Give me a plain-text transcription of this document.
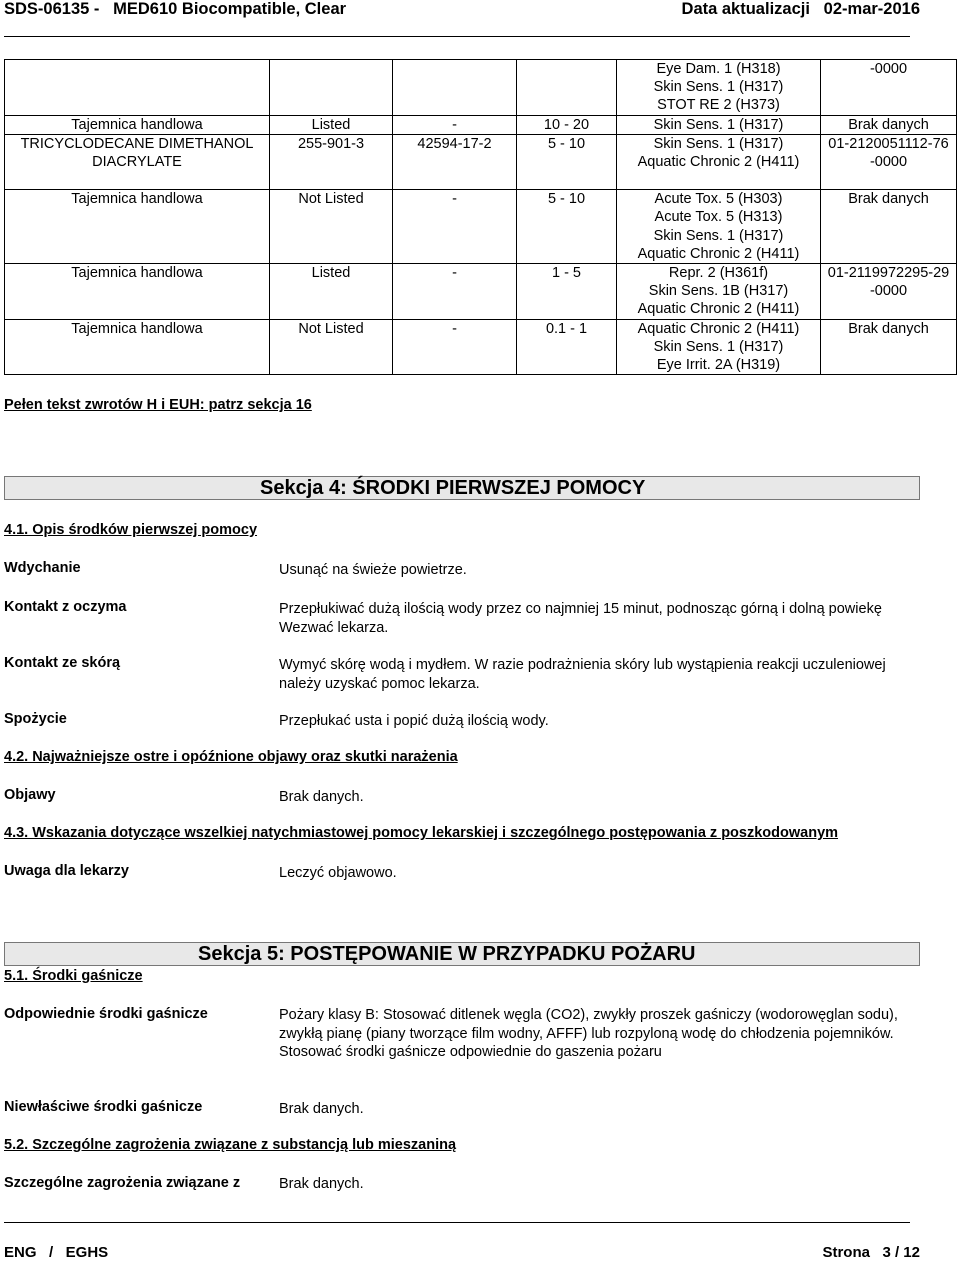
SDS-06135 -   MED610 Biocompatible, Clear	Data aktualizacji   02-mar-2016

				Eye Dam. 1 (H318)
Skin Sens. 1 (H317)
STOT RE 2 (H373)	-0000

Tajemnica handlowa	Listed	-	10 - 20	Skin Sens. 1 (H317)	Brak danych

TRICYCLODECANE DIMETHANOL
DIACRYLATE	255-901-3	42594-17-2	5 - 10	Skin Sens. 1 (H317)
Aquatic Chronic 2 (H411)	01-2120051112-76
-0000

Tajemnica handlowa	Not Listed	-	5 - 10	Acute Tox. 5 (H303)
Acute Tox. 5 (H313)
Skin Sens. 1 (H317)
Aquatic Chronic 2 (H411)	Brak danych

Tajemnica handlowa	Listed	-	1 - 5	Repr. 2 (H361f)
Skin Sens. 1B (H317)
Aquatic Chronic 2 (H411)	01-2119972295-29
-0000

Tajemnica handlowa	Not Listed	-	0.1 - 1	Aquatic Chronic 2 (H411)
Skin Sens. 1 (H317)
Eye Irrit. 2A (H319)	Brak danych
Pełen tekst zwrotów H i EUH: patrz sekcja 16
Sekcja 4: ŚRODKI PIERWSZEJ POMOCY
4.1. Opis środków pierwszej pomocy
Wdychanie	Usunąć na świeże powietrze.
Kontakt z oczyma	Przepłukiwać dużą ilością wody przez co najmniej 15 minut, podnosząc górną i dolną powiekę Wezwać lekarza.
Kontakt ze skórą	Wymyć skórę wodą i mydłem. W razie podrażnienia skóry lub wystąpienia reakcji uczuleniowej należy uzyskać pomoc lekarza.
Spożycie	Przepłukać usta i popić dużą ilością wody.
4.2. Najważniejsze ostre i opóźnione objawy oraz skutki narażenia
Objawy	Brak danych.
4.3. Wskazania dotyczące wszelkiej natychmiastowej pomocy lekarskiej i szczególnego postępowania z poszkodowanym
Uwaga dla lekarzy	Leczyć objawowo.
Sekcja 5: POSTĘPOWANIE W PRZYPADKU POŻARU
5.1. Środki gaśnicze
Odpowiednie środki gaśnicze	Pożary klasy B: Stosować ditlenek węgla (CO2), zwykły proszek gaśniczy (wodorowęglan sodu), zwykłą pianę (piany tworzące film wodny, AFFF) lub rozpyloną wodę do chłodzenia pojemników.
Stosować środki gaśnicze odpowiednie do gaszenia pożaru
Niewłaściwe środki gaśnicze	Brak danych.
5.2. Szczególne zagrożenia związane z substancją lub mieszaniną
Szczególne zagrożenia związane z	Brak danych.
ENG   /   EGHS	Strona   3 / 12
